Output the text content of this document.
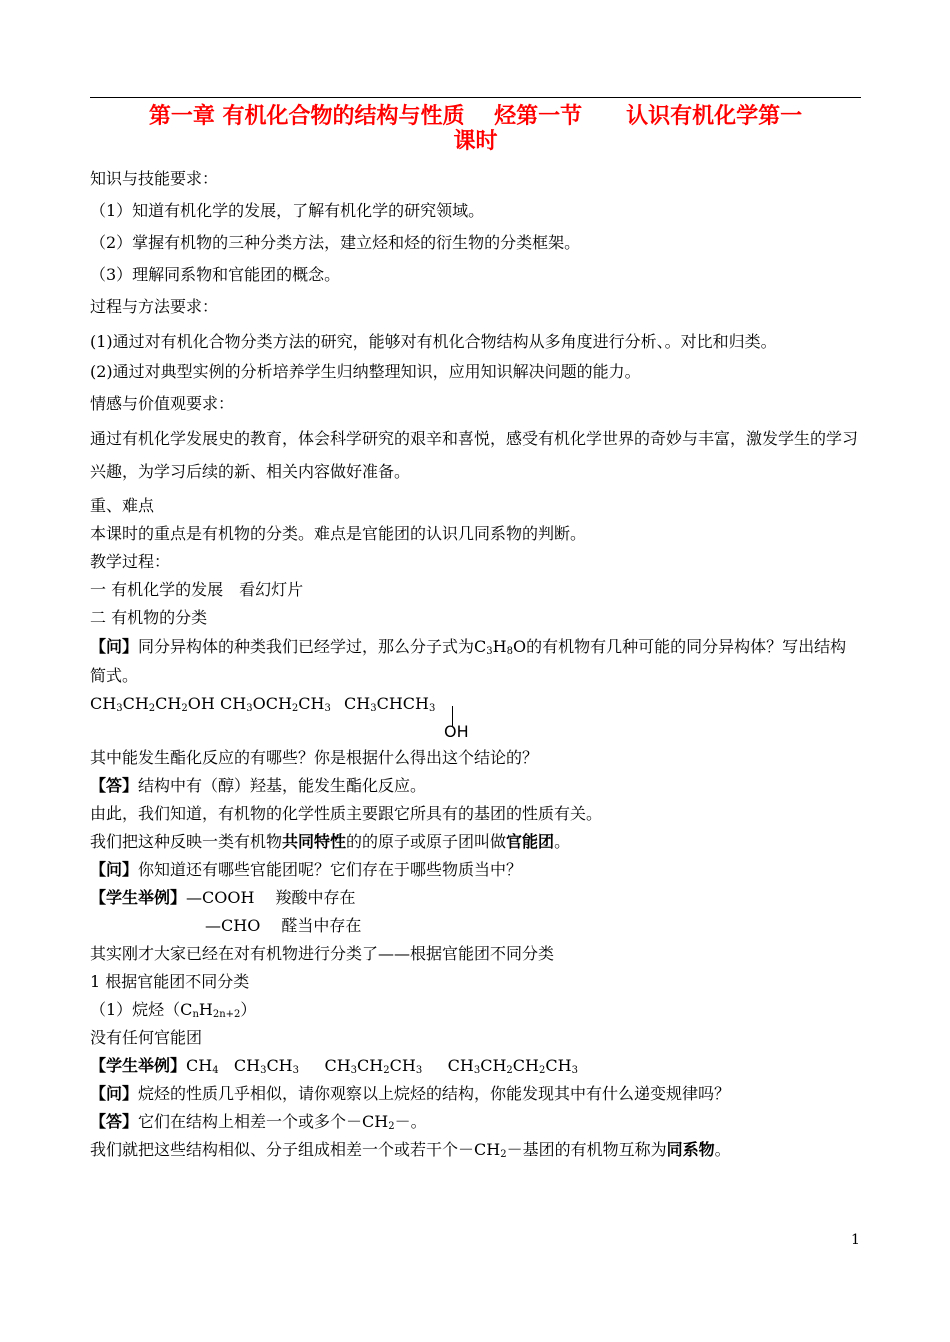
第一章 有机化合物的结构与性质　 烃第一节　　认识有机化学第一
课时

知识与技能要求：

（1）知道有机化学的发展，了解有机化学的研究领域。

（2）掌握有机物的三种分类方法，建立烃和烃的衍生物的分类框架。

（3）理解同系物和官能团的概念。

过程与方法要求：

(1)通过对有机化合物分类方法的研究，能够对有机化合物结构从多角度进行分析、。对比和归类。

(2)通过对典型实例的分析培养学生归纳整理知识，应用知识解决问题的能力。

情感与价值观要求：

通过有机化学发展史的教育，体会科学研究的艰辛和喜悦，感受有机化学世界的奇妙与丰富，激发学生的学习兴趣，为学习后续的新、相关内容做好准备。

重、难点

本课时的重点是有机物的分类。难点是官能团的认识几同系物的判断。

教学过程：

一 有机化学的发展　看幻灯片

二 有机物的分类

【问】同分异构体的种类我们已经学过，那么分子式为$C_3H_8O$的有机物有几种可能的同分异构体？写出结构简式。

$CH_3CH_2CH_2OH$

$CH_3OCH_2CH_3$

$CH_3CHCH_3$

OH

其中能发生酯化反应的有哪些？你是根据什么得出这个结论的？

【答】结构中有（醇）羟基，能发生酯化反应。

由此，我们知道，有机物的化学性质主要跟它所具有的基团的性质有关。

我们把这种反映一类有机物共同特性的的原子或原子团叫做官能团。

【问】你知道还有哪些官能团呢？它们存在于哪些物质当中？

【学生举例】—COOH　 羧酸中存在

—CHO　 醛当中存在

其实刚才大家已经在对有机物进行分类了——根据官能团不同分类

1 根据官能团不同分类

（1）烷烃$(C_nH_{2n+2})$

没有任何官能团

【学生举例】$CH_4$ $CH_3CH_3$ $CH_3CH_2CH_3$ $CH_3CH_2CH_2CH_3$

【问】烷烃的性质几乎相似，请你观察以上烷烃的结构，你能发现其中有什么递变规律吗？

【答】它们在结构上相差一个或多个$-CH_2-$。

我们就把这些结构相似、分子组成相差一个或若干个$-CH_2-$基团的有机物互称为同系物。

1
